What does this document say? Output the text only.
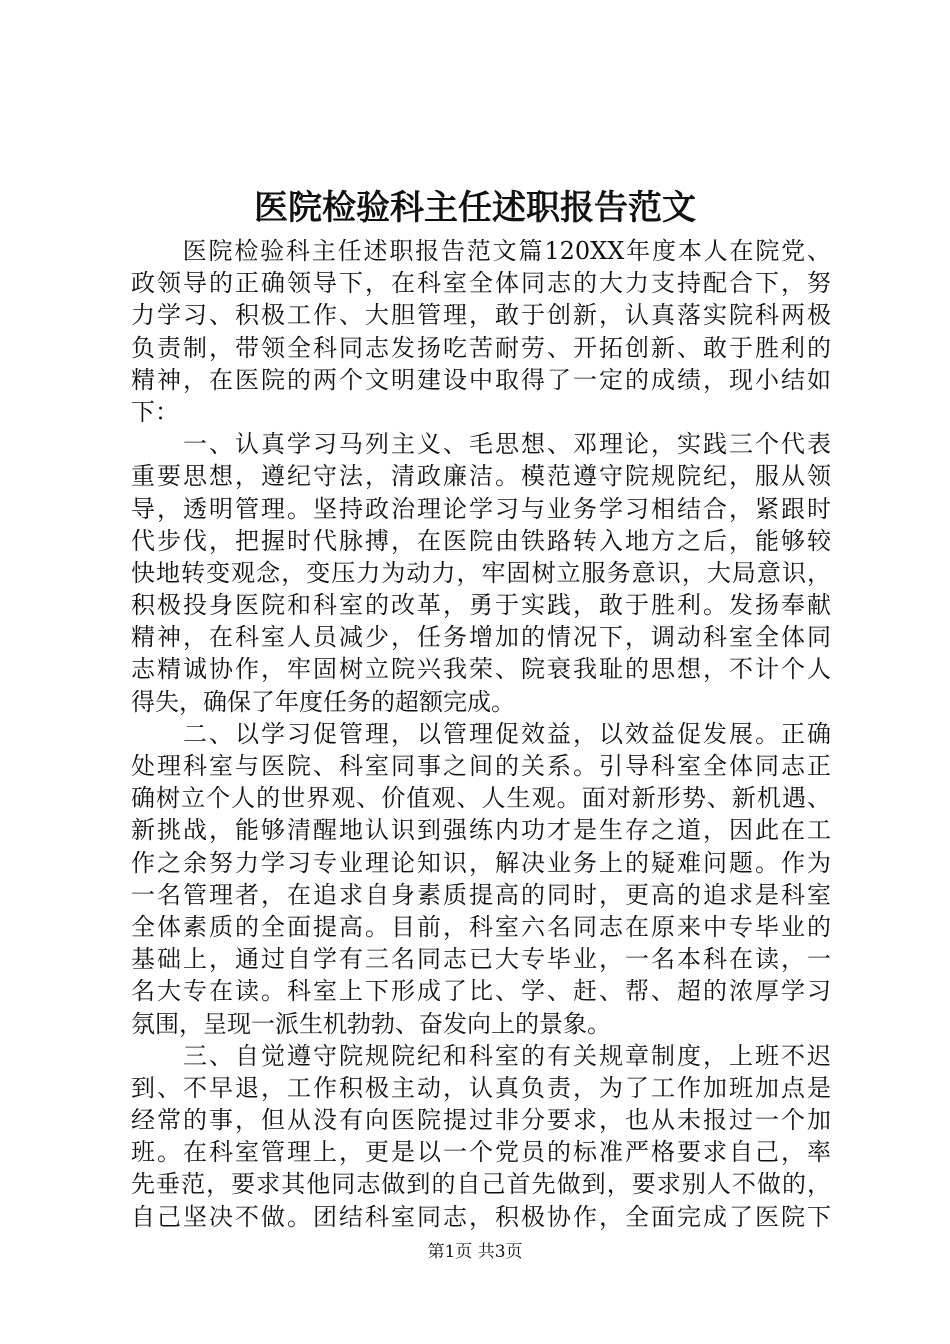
医院检验科主任述职报告范文
　　医院检验科主任述职报告范文篇120XX年度本人在院党、
政领导的正确领导下，在科室全体同志的大力支持配合下，努
力学习、积极工作、大胆管理，敢于创新，认真落实院科两极
负责制，带领全科同志发扬吃苦耐劳、开拓创新、敢于胜利的
精神，在医院的两个文明建设中取得了一定的成绩，现小结如
下：
　　一、认真学习马列主义、毛思想、邓理论，实践三个代表
重要思想，遵纪守法，清政廉洁。模范遵守院规院纪，服从领
导，透明管理。坚持政治理论学习与业务学习相结合，紧跟时
代步伐，把握时代脉搏，在医院由铁路转入地方之后，能够较
快地转变观念，变压力为动力，牢固树立服务意识，大局意识，
积极投身医院和科室的改革，勇于实践，敢于胜利。发扬奉献
精神，在科室人员减少，任务增加的情况下，调动科室全体同
志精诚协作，牢固树立院兴我荣、院衰我耻的思想，不计个人
得失，确保了年度任务的超额完成。
　　二、以学习促管理，以管理促效益，以效益促发展。正确
处理科室与医院、科室同事之间的关系。引导科室全体同志正
确树立个人的世界观、价值观、人生观。面对新形势、新机遇、
新挑战，能够清醒地认识到强练内功才是生存之道，因此在工
作之余努力学习专业理论知识，解决业务上的疑难问题。作为
一名管理者，在追求自身素质提高的同时，更高的追求是科室
全体素质的全面提高。目前，科室六名同志在原来中专毕业的
基础上，通过自学有三名同志已大专毕业，一名本科在读，一
名大专在读。科室上下形成了比、学、赶、帮、超的浓厚学习
氛围，呈现一派生机勃勃、奋发向上的景象。
　　三、自觉遵守院规院纪和科室的有关规章制度，上班不迟
到、不早退，工作积极主动，认真负责，为了工作加班加点是
经常的事，但从没有向医院提过非分要求，也从未报过一个加
班。在科室管理上，更是以一个党员的标准严格要求自己，率
先垂范，要求其他同志做到的自己首先做到，要求别人不做的，
自己坚决不做。团结科室同志，积极协作，全面完成了医院下
第1页 共3页
